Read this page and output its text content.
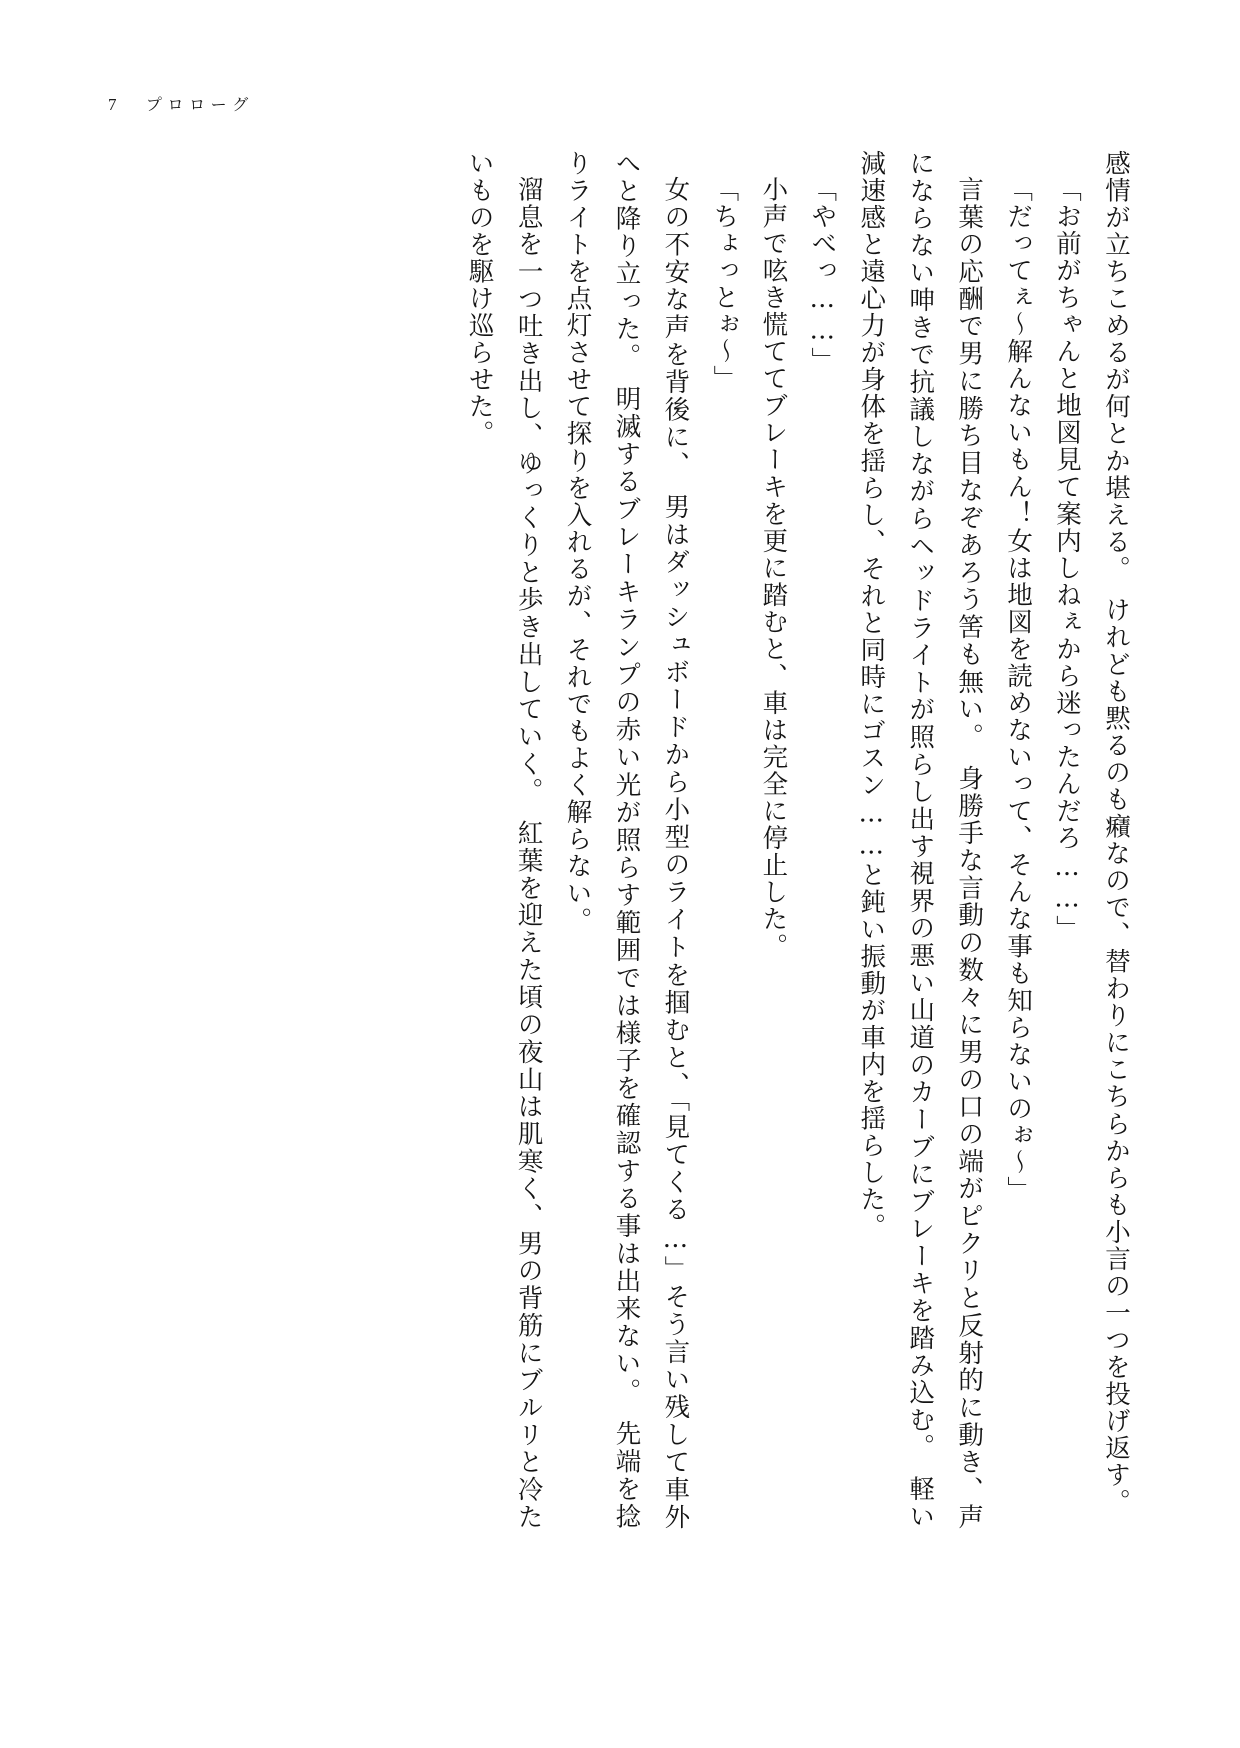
7 プロローグ

感情が立ちこめるが何とか堪える。　けれども黙るのも癪なので、替わりにこちらからも小言の一つを投げ返す。

「お前がちゃんと地図見て案内しねぇから迷ったんだろ……」

「だってぇ～解んないもん！女は地図を読めないって、そんな事も知らないのぉ～」

言葉の応酬で男に勝ち目なぞあろう筈も無い。　身勝手な言動の数々に男の口の端がピクリと反射的に動き、声にならない呻きで抗議しながらヘッドライトが照らし出す視界の悪い山道のカーブにブレーキを踏み込む。　軽い減速感と遠心力が身体を揺らし、それと同時にゴスン……と鈍い振動が車内を揺らした。

「やべっ……」

小声で呟き慌ててブレーキを更に踏むと、車は完全に停止した。

「ちょっとぉ～」

女の不安な声を背後に、　男はダッシュボードから小型のライトを掴むと、「見てくる…」そう言い残して車外へと降り立った。　明滅するブレーキランプの赤い光が照らす範囲では様子を確認する事は出来ない。　先端を捻りライトを点灯させて探りを入れるが、それでもよく解らない。

溜息を一つ吐き出し、ゆっくりと歩き出していく。　紅葉を迎えた頃の夜山は肌寒く、男の背筋にブルリと冷たいものを駆け巡らせた。
